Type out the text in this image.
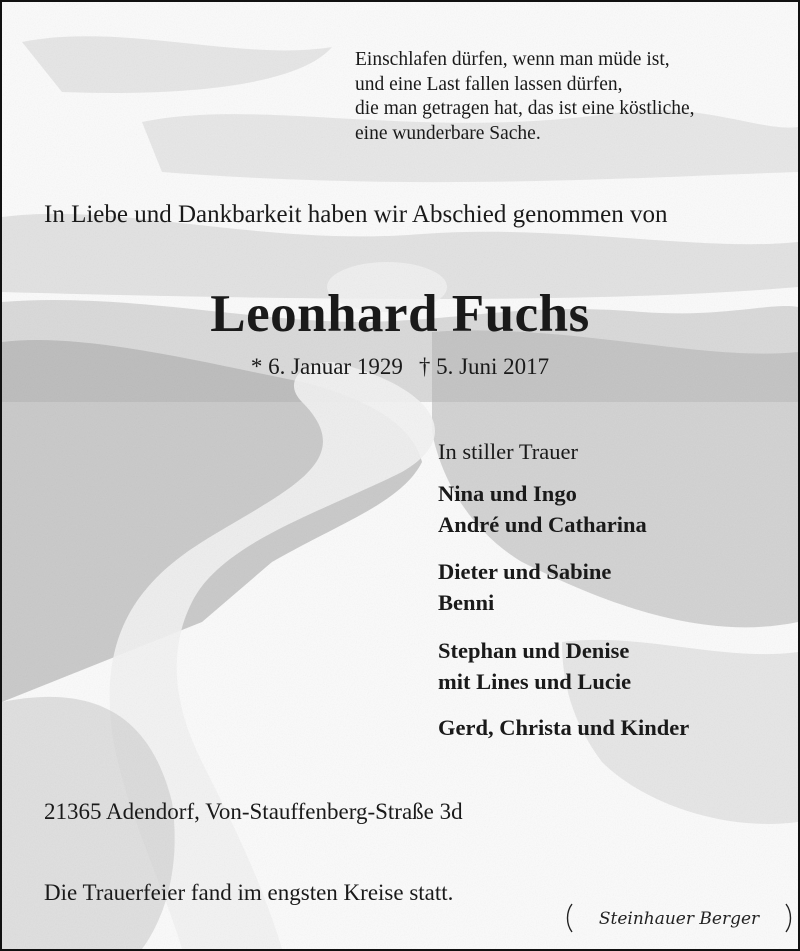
Einschlafen dürfen, wenn man müde ist,
und eine Last fallen lassen dürfen,
die man getragen hat, das ist eine köstliche,
eine wunderbare Sache.
In Liebe und Dankbarkeit haben wir Abschied genommen von
Leonhard Fuchs
* 6. Januar 1929 † 5. Juni 2017
In stiller Trauer
Nina und Ingo
André und Catharina
Dieter und Sabine
Benni
Stephan und Denise
mit Lines und Lucie
Gerd, Christa und Kinder
21365 Adendorf, Von-Stauffenberg-Straße 3d
Die Trauerfeier fand im engsten Kreise statt.
Steinhauer Berger
